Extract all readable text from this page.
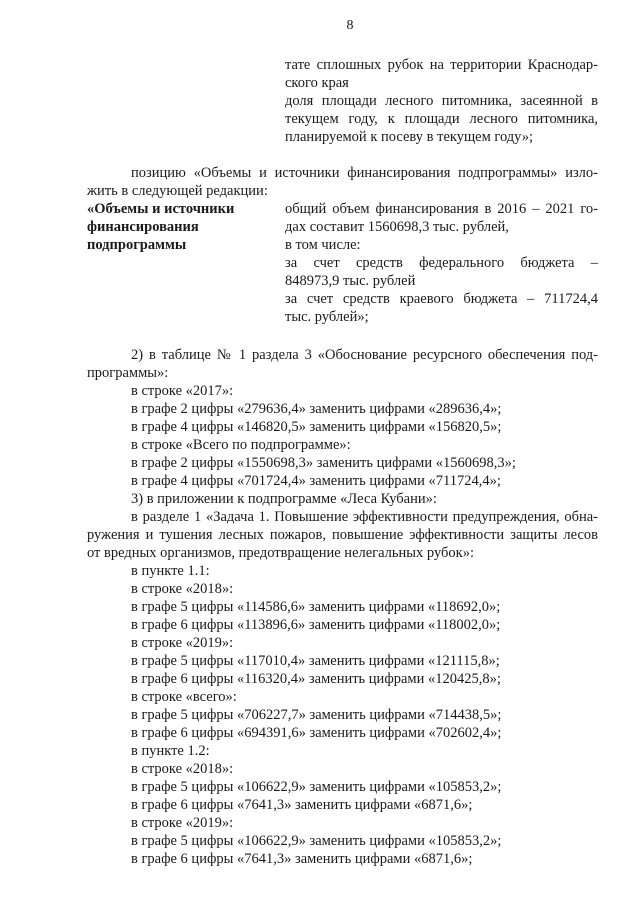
8
тате сплошных рубок на территории Краснодар-
ского края
доля площади лесного питомника, засеянной в
текущем году, к площади лесного питомника,
планируемой к посеву в текущем году»;
позицию «Объемы и источники финансирования подпрограммы» изло-
жить в следующей редакции:
«Объемы и источники
финансирования
подпрограммы
общий объем финансирования в 2016 – 2021 го-
дах составит 1560698,3 тыс. рублей,
в том числе:
за счет средств федерального бюджета –
848973,9 тыс. рублей
за счет средств краевого бюджета – 711724,4
тыс. рублей»;
2) в таблице № 1 раздела 3 «Обоснование ресурсного обеспечения под-
программы»:
в строке «2017»:
в графе 2 цифры «279636,4» заменить цифрами «289636,4»;
в графе 4 цифры «146820,5» заменить цифрами «156820,5»;
в строке «Всего по подпрограмме»:
в графе 2 цифры «1550698,3» заменить цифрами «1560698,3»;
в графе 4 цифры «701724,4» заменить цифрами «711724,4»;
3) в приложении к подпрограмме «Леса Кубани»:
в разделе 1 «Задача 1. Повышение эффективности предупреждения, обна-
ружения и тушения лесных пожаров, повышение эффективности защиты лесов
от вредных организмов, предотвращение нелегальных рубок»:
в пункте 1.1:
в строке «2018»:
в графе 5 цифры «114586,6» заменить цифрами «118692,0»;
в графе 6 цифры «113896,6» заменить цифрами «118002,0»;
в строке «2019»:
в графе 5 цифры «117010,4» заменить цифрами «121115,8»;
в графе 6 цифры «116320,4» заменить цифрами «120425,8»;
в строке «всего»:
в графе 5 цифры «706227,7» заменить цифрами «714438,5»;
в графе 6 цифры «694391,6» заменить цифрами «702602,4»;
в пункте 1.2:
в строке «2018»:
в графе 5 цифры «106622,9» заменить цифрами «105853,2»;
в графе 6 цифры «7641,3» заменить цифрами «6871,6»;
в строке «2019»:
в графе 5 цифры «106622,9» заменить цифрами «105853,2»;
в графе 6 цифры «7641,3» заменить цифрами «6871,6»;
